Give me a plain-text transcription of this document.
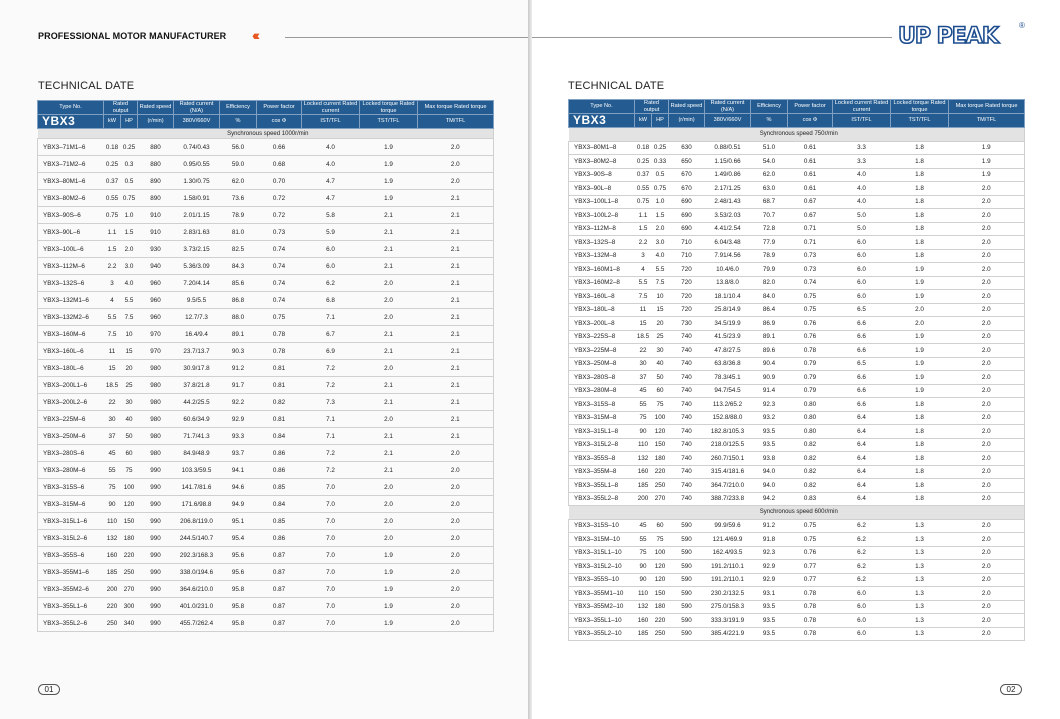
PROFESSIONAL MOTOR MANUFACTURER ‹‹‹
TECHNICAL DATE
Type No.	Rated output		Rated speed	Rated current (N/A)	Efficiency	Power factor	Locked current Rated current	Locked torque Rated torque	Max torque Rated torque
YBX3	kW	HP	(r/min)	380V/660V	%	cos Φ	IST/TFL	TST/TFL	TM/TFL
Synchronous speed 1000r/min									
YBX3–71M1–6	0.18	0.25	880	0.74/0.43	56.0	0.66	4.0	1.9	2.0
YBX3–71M2–6	0.25	0.3	880	0.95/0.55	59.0	0.68	4.0	1.9	2.0
YBX3–80M1–6	0.37	0.5	890	1.30/0.75	62.0	0.70	4.7	1.9	2.0
YBX3–80M2–6	0.55	0.75	890	1.58/0.91	73.6	0.72	4.7	1.9	2.1
YBX3–90S–6	0.75	1.0	910	2.01/1.15	78.9	0.72	5.8	2.1	2.1
YBX3–90L–6	1.1	1.5	910	2.83/1.63	81.0	0.73	5.9	2.1	2.1
YBX3–100L–6	1.5	2.0	930	3.73/2.15	82.5	0.74	6.0	2.1	2.1
YBX3–112M–6	2.2	3.0	940	5.36/3.09	84.3	0.74	6.0	2.1	2.1
YBX3–132S–6	3	4.0	960	7.20/4.14	85.6	0.74	6.2	2.0	2.1
YBX3–132M1–6	4	5.5	960	9.5/5.5	86.8	0.74	6.8	2.0	2.1
YBX3–132M2–6	5.5	7.5	960	12.7/7.3	88.0	0.75	7.1	2.0	2.1
YBX3–160M–6	7.5	10	970	16.4/9.4	89.1	0.78	6.7	2.1	2.1
YBX3–160L–6	11	15	970	23.7/13.7	90.3	0.78	6.9	2.1	2.1
YBX3–180L–6	15	20	980	30.9/17.8	91.2	0.81	7.2	2.0	2.1
YBX3–200L1–6	18.5	25	980	37.8/21.8	91.7	0.81	7.2	2.1	2.1
YBX3–200L2–6	22	30	980	44.2/25.5	92.2	0.82	7.3	2.1	2.1
YBX3–225M–6	30	40	980	60.6/34.9	92.9	0.81	7.1	2.0	2.1
YBX3–250M–6	37	50	980	71.7/41.3	93.3	0.84	7.1	2.1	2.1
YBX3–280S–6	45	60	980	84.9/48.9	93.7	0.86	7.2	2.1	2.0
YBX3–280M–6	55	75	990	103.3/59.5	94.1	0.86	7.2	2.1	2.0
YBX3–315S–6	75	100	990	141.7/81.6	94.6	0.85	7.0	2.0	2.0
YBX3–315M–6	90	120	990	171.6/98.8	94.9	0.84	7.0	2.0	2.0
YBX3–315L1–6	110	150	990	206.8/119.0	95.1	0.85	7.0	2.0	2.0
YBX3–315L2–6	132	180	990	244.5/140.7	95.4	0.86	7.0	2.0	2.0
YBX3–355S–6	160	220	990	292.3/168.3	95.6	0.87	7.0	1.9	2.0
YBX3–355M1–6	185	250	990	338.0/194.6	95.6	0.87	7.0	1.9	2.0
YBX3–355M2–6	200	270	990	364.6/210.0	95.8	0.87	7.0	1.9	2.0
YBX3–355L1–6	220	300	990	401.0/231.0	95.8	0.87	7.0	1.9	2.0
YBX3–355L2–6	250	340	990	455.7/262.4	95.8	0.87	7.0	1.9	2.0
01
UP PEAK	®
TECHNICAL DATE
Type No.	Rated output		Rated speed	Rated current (N/A)	Efficiency	Power factor	Locked current Rated current	Locked torque Rated torque	Max torque Rated torque
YBX3	kW	HP	(r/min)	380V/660V	%	cos Φ	IST/TFL	TST/TFL	TM/TFL
Synchronous speed 750r/min									
YBX3–80M1–8	0.18	0.25	630	0.88/0.51	51.0	0.61	3.3	1.8	1.9
YBX3–80M2–8	0.25	0.33	650	1.15/0.66	54.0	0.61	3.3	1.8	1.9
YBX3–90S–8	0.37	0.5	670	1.49/0.86	62.0	0.61	4.0	1.8	1.9
YBX3–90L–8	0.55	0.75	670	2.17/1.25	63.0	0.61	4.0	1.8	2.0
YBX3–100L1–8	0.75	1.0	690	2.48/1.43	68.7	0.67	4.0	1.8	2.0
YBX3–100L2–8	1.1	1.5	690	3.53/2.03	70.7	0.67	5.0	1.8	2.0
YBX3–112M–8	1.5	2.0	690	4.41/2.54	72.8	0.71	5.0	1.8	2.0
YBX3–132S–8	2.2	3.0	710	6.04/3.48	77.9	0.71	6.0	1.8	2.0
YBX3–132M–8	3	4.0	710	7.91/4.56	78.9	0.73	6.0	1.8	2.0
YBX3–160M1–8	4	5.5	720	10.4/6.0	79.9	0.73	6.0	1.9	2.0
YBX3–160M2–8	5.5	7.5	720	13.8/8.0	82.0	0.74	6.0	1.9	2.0
YBX3–160L–8	7.5	10	720	18.1/10.4	84.0	0.75	6.0	1.9	2.0
YBX3–180L–8	11	15	720	25.8/14.9	86.4	0.75	6.5	2.0	2.0
YBX3–200L–8	15	20	730	34.5/19.9	86.9	0.76	6.6	2.0	2.0
YBX3–225S–8	18.5	25	740	41.5/23.9	89.1	0.76	6.6	1.9	2.0
YBX3–225M–8	22	30	740	47.8/27.5	89.6	0.78	6.6	1.9	2.0
YBX3–250M–8	30	40	740	63.8/36.8	90.4	0.79	6.5	1.9	2.0
YBX3–280S–8	37	50	740	78.3/45.1	90.9	0.79	6.6	1.9	2.0
YBX3–280M–8	45	60	740	94.7/54.5	91.4	0.79	6.6	1.9	2.0
YBX3–315S–8	55	75	740	113.2/65.2	92.3	0.80	6.6	1.8	2.0
YBX3–315M–8	75	100	740	152.8/88.0	93.2	0.80	6.4	1.8	2.0
YBX3–315L1–8	90	120	740	182.8/105.3	93.5	0.80	6.4	1.8	2.0
YBX3–315L2–8	110	150	740	218.0/125.5	93.5	0.82	6.4	1.8	2.0
YBX3–355S–8	132	180	740	260.7/150.1	93.8	0.82	6.4	1.8	2.0
YBX3–355M–8	160	220	740	315.4/181.6	94.0	0.82	6.4	1.8	2.0
YBX3–355L1–8	185	250	740	364.7/210.0	94.0	0.82	6.4	1.8	2.0
YBX3–355L2–8	200	270	740	388.7/233.8	94.2	0.83	6.4	1.8	2.0
Synchronous speed 600r/min									
YBX3–315S–10	45	60	590	99.9/59.6	91.2	0.75	6.2	1.3	2.0
YBX3–315M–10	55	75	590	121.4/69.9	91.8	0.75	6.2	1.3	2.0
YBX3–315L1–10	75	100	590	162.4/93.5	92.3	0.76	6.2	1.3	2.0
YBX3–315L2–10	90	120	590	191.2/110.1	92.9	0.77	6.2	1.3	2.0
YBX3–355S–10	90	120	590	191.2/110.1	92.9	0.77	6.2	1.3	2.0
YBX3–355M1–10	110	150	590	230.2/132.5	93.1	0.78	6.0	1.3	2.0
YBX3–355M2–10	132	180	590	275.0/158.3	93.5	0.78	6.0	1.3	2.0
YBX3–355L1–10	160	220	590	333.3/191.9	93.5	0.78	6.0	1.3	2.0
YBX3–355L2–10	185	250	590	385.4/221.9	93.5	0.78	6.0	1.3	2.0
02
